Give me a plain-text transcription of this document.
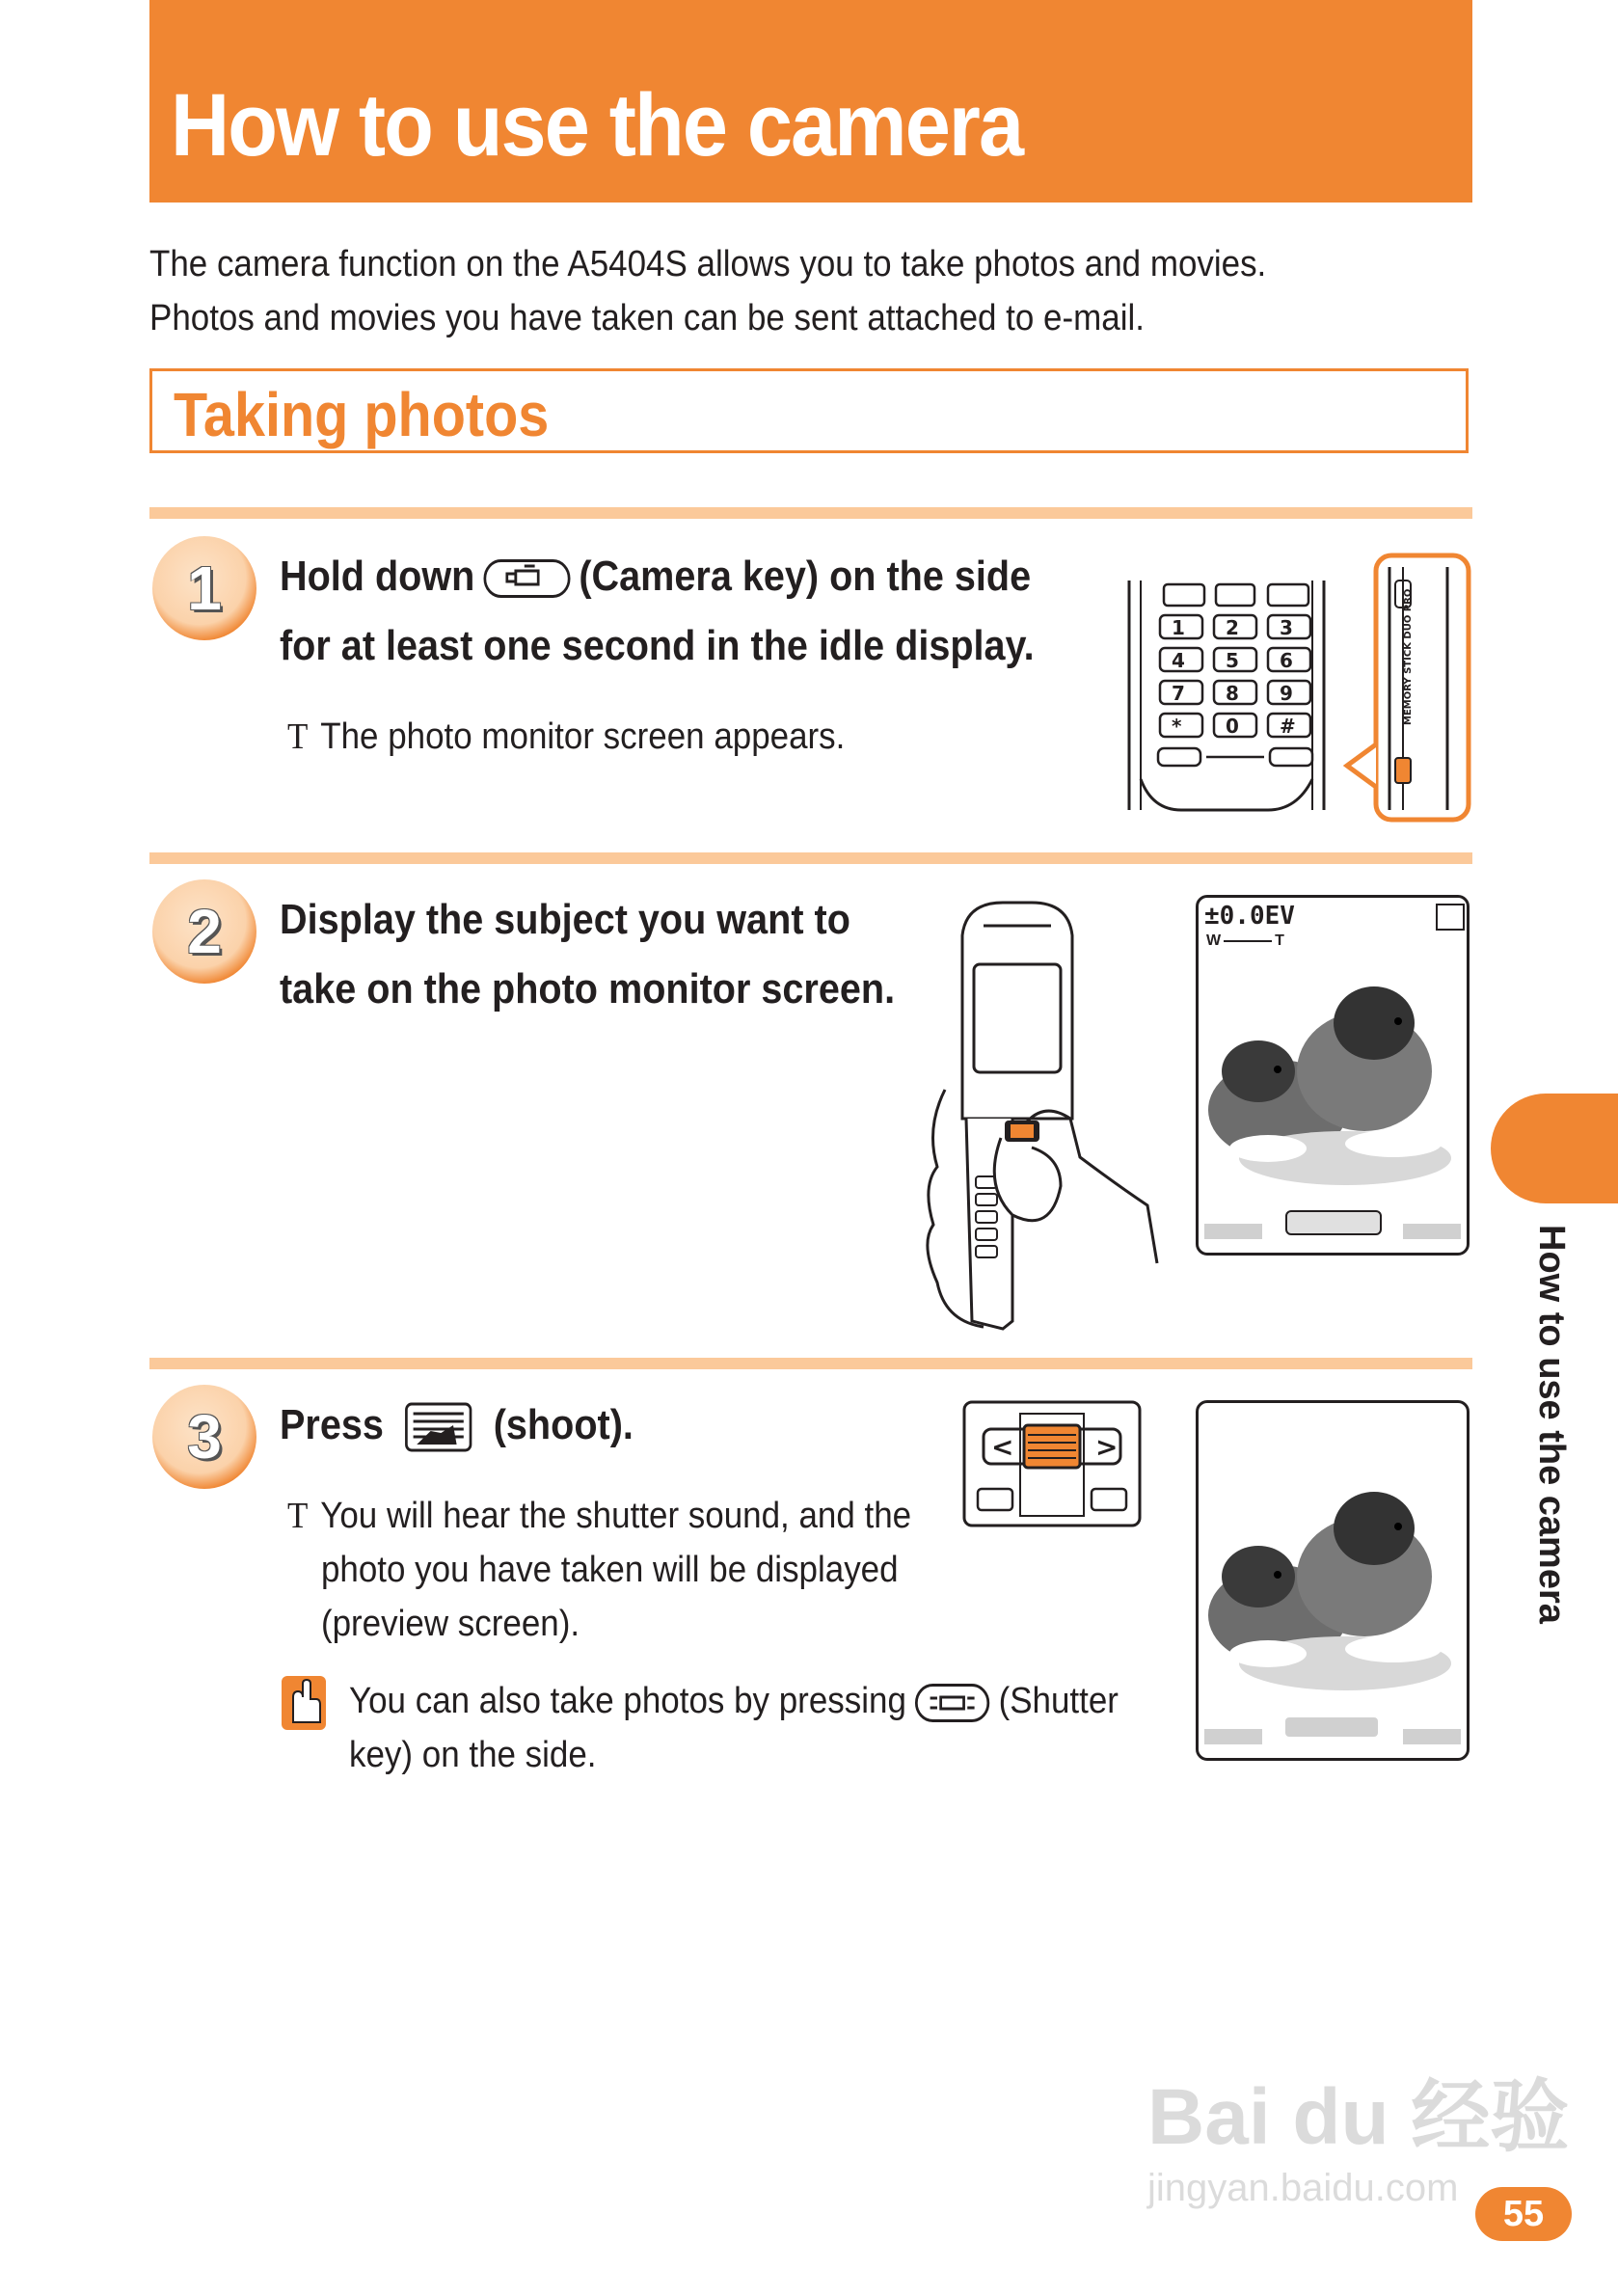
How to use the camera
The camera function on the A5404S allows you to take photos and movies.
Photos and movies you have taken can be sent attached to e-mail.
Taking photos
1 Hold down (Camera key) on the side
for at least one second in the idle display.
T The photo monitor screen appears.
1 2 3
4 5 6
7 8 9
* 0 #
MEMORY STICK DUO PRO
2 Display the subject you want to
take on the photo monitor screen.
±0.0EV
W	T
How to use the camera
3 Press	(shoot).
T You will hear the shutter sound, and the
photo you have taken will be displayed
(preview screen).
You can also take photos by pressing	(Shutter
key) on the side.
<	>
Bai du 经验
jingyan.baidu.com
55
